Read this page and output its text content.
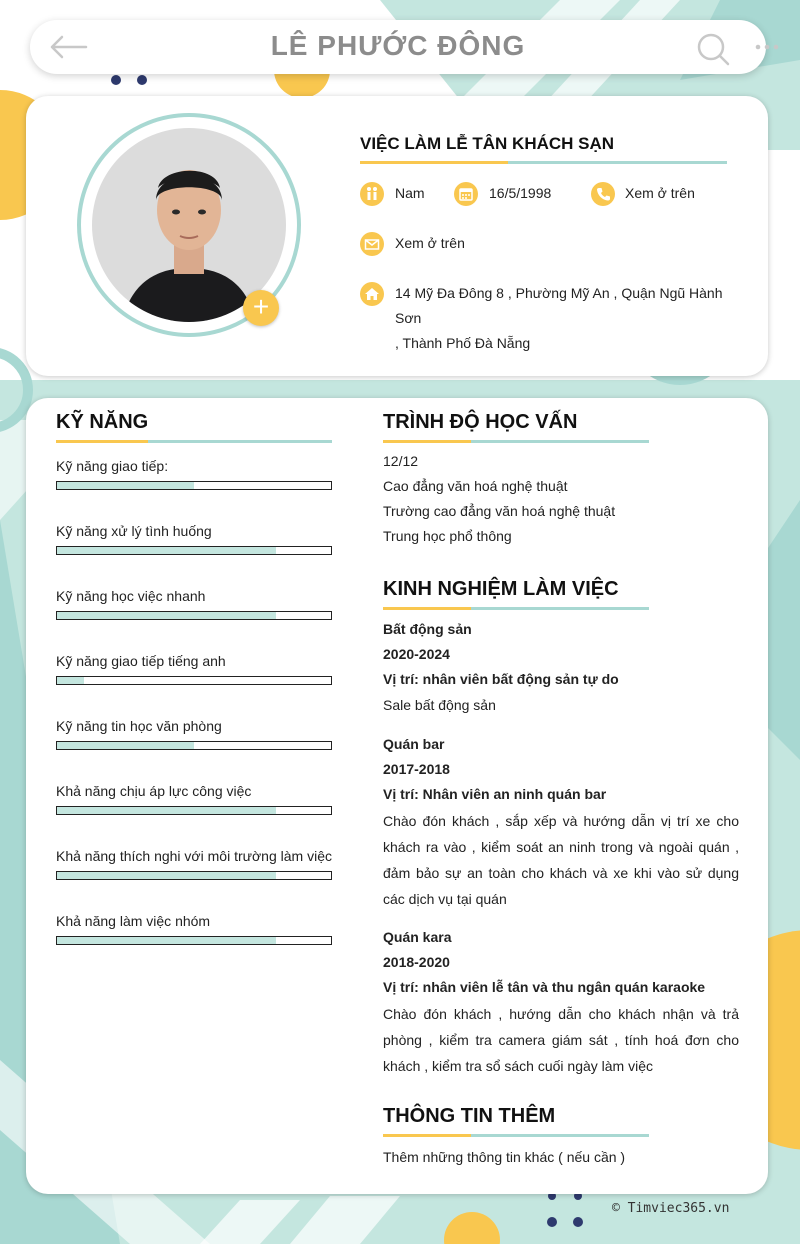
LÊ PHƯỚC ĐÔNG
+
VIỆC LÀM LỄ TÂN KHÁCH SẠN
Nam	16/5/1998	Xem ở trên
Xem ở trên
14 Mỹ Đa Đông 8 , Phường Mỹ An , Quận Ngũ Hành Sơn
, Thành Phố Đà Nẵng
KỸ NĂNG
Kỹ năng giao tiếp:
Kỹ năng xử lý tình huống
Kỹ năng học việc nhanh
Kỹ năng giao tiếp tiếng anh
Kỹ năng tin học văn phòng
Khả năng chịu áp lực công việc
Khả năng thích nghi với môi trường làm việc
Khả năng làm việc nhóm
TRÌNH ĐỘ HỌC VẤN
12/12
Cao đẳng văn hoá nghệ thuật
Trường cao đẳng văn hoá nghệ thuật
Trung học phổ thông
KINH NGHIỆM LÀM VIỆC
Bất động sản
2020-2024
Vị trí: nhân viên bất động sản tự do
Sale bất động sản
Quán bar
2017-2018
Vị trí: Nhân viên an ninh quán bar
Chào đón khách , sắp xếp và hướng dẫn vị trí xe cho khách ra vào , kiểm soát an ninh trong và ngoài quán , đảm bảo sự an toàn cho khách và xe khi vào sử dụng các dịch vụ tại quán
Quán kara
2018-2020
Vị trí: nhân viên lễ tân và thu ngân quán karaoke
Chào đón khách , hướng dẫn cho khách nhận và trả phòng , kiểm tra camera giám sát , tính hoá đơn cho khách , kiểm tra sổ sách cuối ngày làm việc
THÔNG TIN THÊM
Thêm những thông tin khác ( nếu cần )
© Timviec365.vn
